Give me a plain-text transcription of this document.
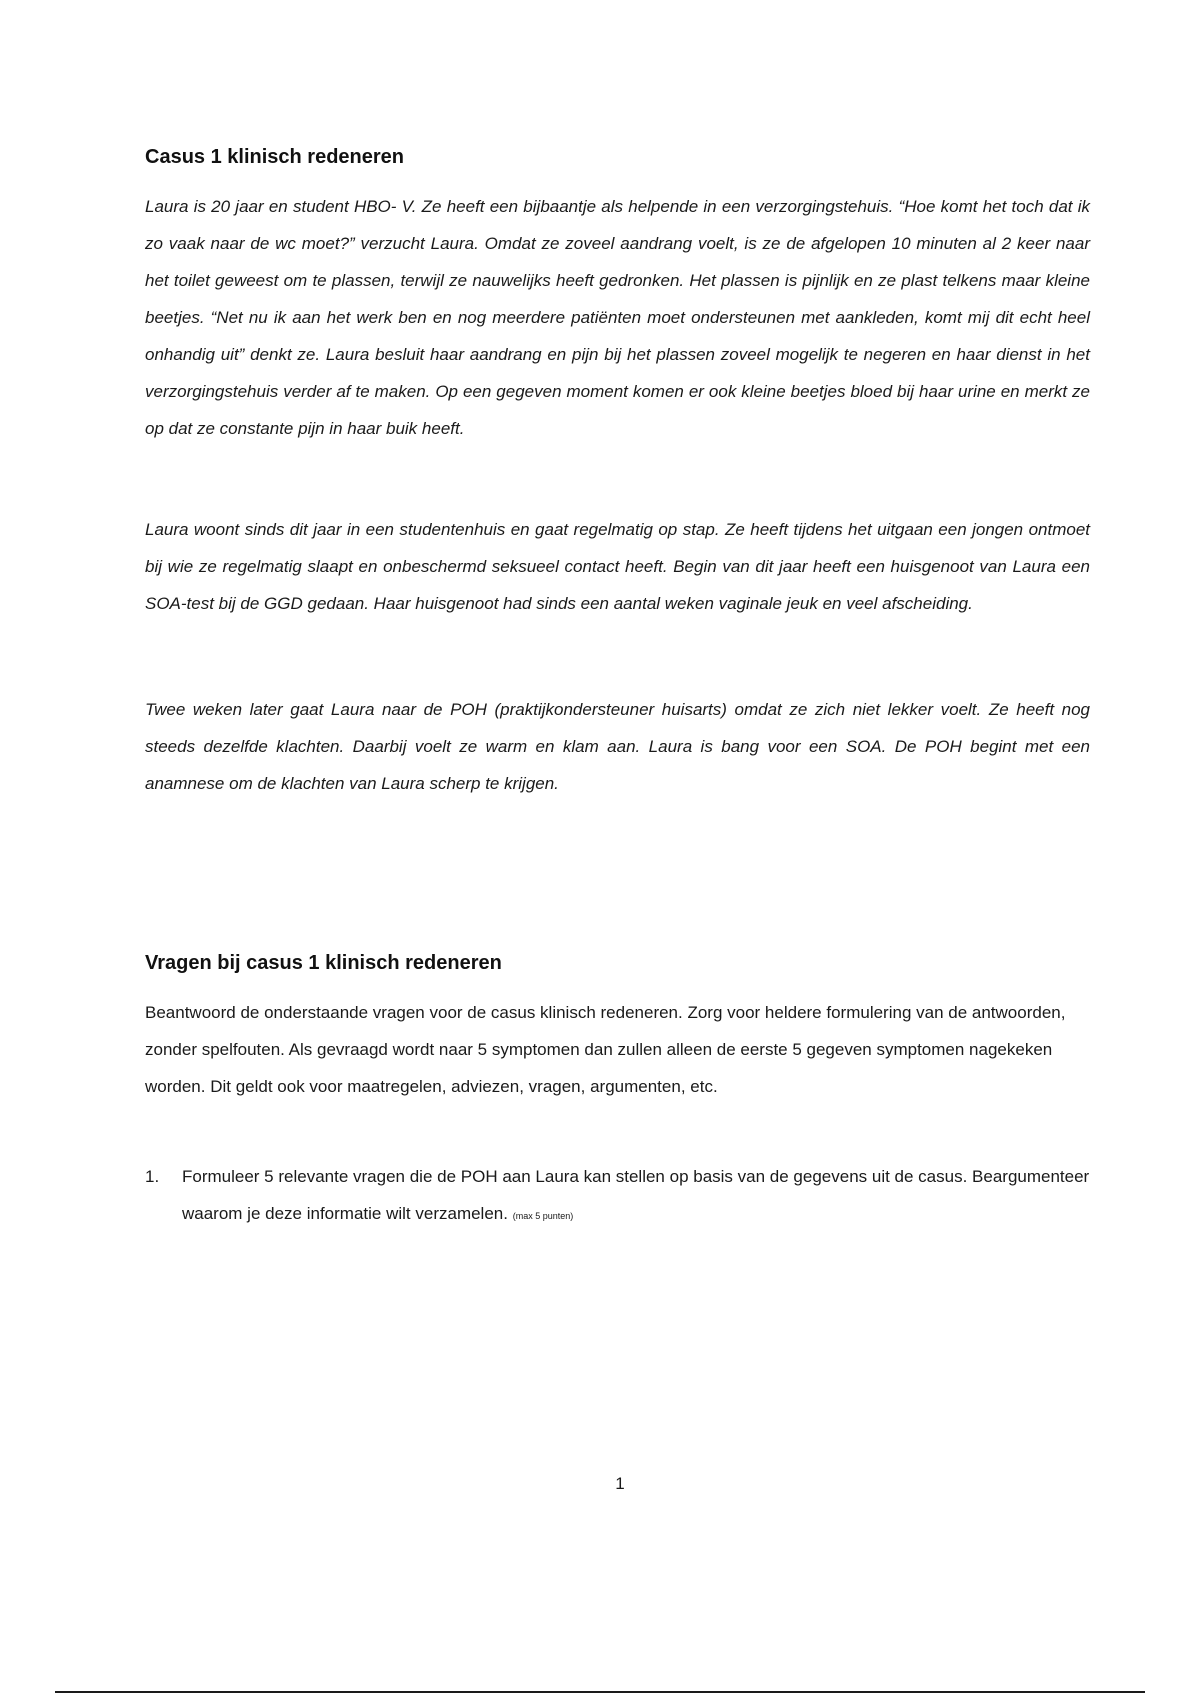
Casus 1 klinisch redeneren

Laura is 20 jaar en student HBO- V. Ze heeft een bijbaantje als helpende in een verzorgingstehuis. “Hoe komt het toch dat ik zo vaak naar de wc moet?” verzucht Laura. Omdat ze zoveel aandrang voelt, is ze de afgelopen 10 minuten al 2 keer naar het toilet geweest om te plassen, terwijl ze nauwelijks heeft gedronken. Het plassen is pijnlijk en ze plast telkens maar kleine beetjes. “Net nu ik aan het werk ben en nog meerdere patiënten moet ondersteunen met aankleden, komt mij dit echt heel onhandig uit” denkt ze. Laura besluit haar aandrang en pijn bij het plassen zoveel mogelijk te negeren en haar dienst in het verzorgingstehuis verder af te maken. Op een gegeven moment komen er ook kleine beetjes bloed bij haar urine en merkt ze op dat ze constante pijn in haar buik heeft.

Laura woont sinds dit jaar in een studentenhuis en gaat regelmatig op stap. Ze heeft tijdens het uitgaan een jongen ontmoet bij wie ze regelmatig slaapt en onbeschermd seksueel contact heeft. Begin van dit jaar heeft een huisgenoot van Laura een SOA-test bij de GGD gedaan. Haar huisgenoot had sinds een aantal weken vaginale jeuk en veel afscheiding.

Twee weken later gaat Laura naar de POH (praktijkondersteuner huisarts) omdat ze zich niet lekker voelt. Ze heeft nog steeds dezelfde klachten. Daarbij voelt ze warm en klam aan. Laura is bang voor een SOA. De POH begint met een anamnese om de klachten van Laura scherp te krijgen.

Vragen bij casus 1 klinisch redeneren

Beantwoord de onderstaande vragen voor de casus klinisch redeneren. Zorg voor heldere formulering van de antwoorden, zonder spelfouten. Als gevraagd wordt naar 5 symptomen dan zullen alleen de eerste 5 gegeven symptomen nagekeken worden. Dit geldt ook voor maatregelen, adviezen, vragen, argumenten, etc.

1.	Formuleer 5 relevante vragen die de POH aan Laura kan stellen op basis van de gegevens uit de casus. Beargumenteer waarom je deze informatie wilt verzamelen. (max 5 punten)
1
